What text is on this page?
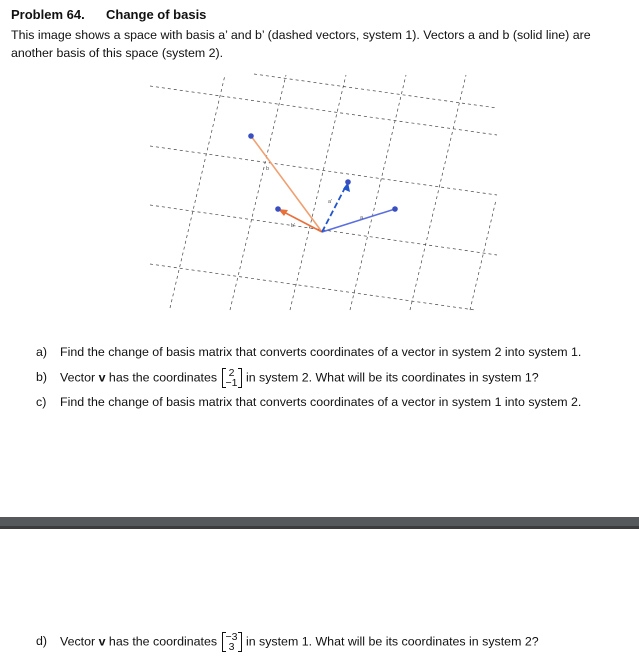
Problem 64. Change of basis
This image shows a space with basis a’ and b’ (dashed vectors, system 1). Vectors a and b (solid line) are another basis of this space (system 2).
b
b'
a'
a
a) Find the change of basis matrix that converts coordinates of a vector in system 2 into system 1.
b) Vector v has the coordinates 2
−1 in system 2. What will be its coordinates in system 1?
c) Find the change of basis matrix that converts coordinates of a vector in system 1 into system 2.
d) Vector v has the coordinates −3
3 in system 1. What will be its coordinates in system 2?
